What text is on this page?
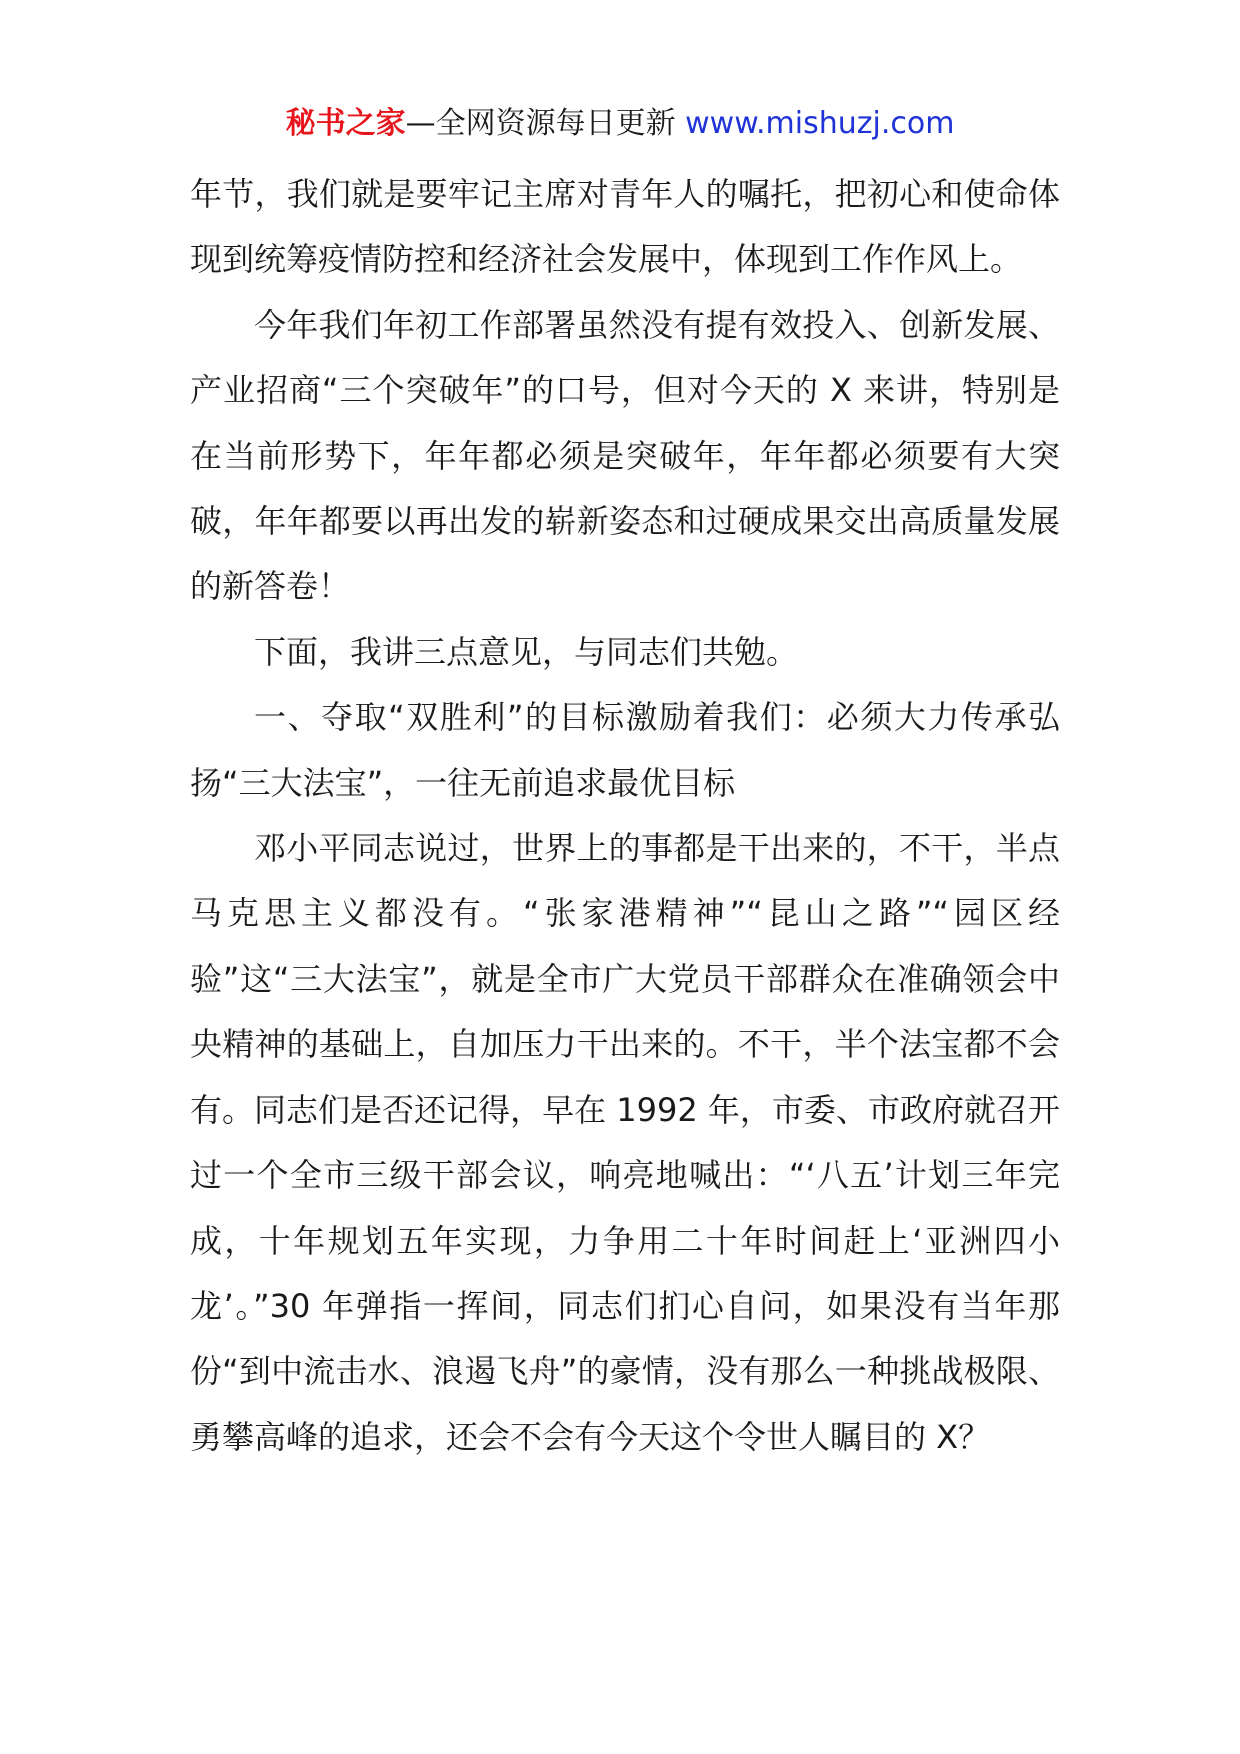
秘书之家—全网资源每日更新 www.mishuzj.com

年节，我们就是要牢记主席对青年人的嘱托，把初心和使命体现到统筹疫情防控和经济社会发展中，体现到工作作风上。

今年我们年初工作部署虽然没有提有效投入、创新发展、产业招商“三个突破年”的口号，但对今天的 X 来讲，特别是在当前形势下，年年都必须是突破年，年年都必须要有大突破，年年都要以再出发的崭新姿态和过硬成果交出高质量发展的新答卷！

下面，我讲三点意见，与同志们共勉。

一、夺取“双胜利”的目标激励着我们：必须大力传承弘扬“三大法宝”，一往无前追求最优目标

邓小平同志说过，世界上的事都是干出来的，不干，半点马克思主义都没有。“张家港精神”“昆山之路”“园区经验”这“三大法宝”，就是全市广大党员干部群众在准确领会中央精神的基础上，自加压力干出来的。不干，半个法宝都不会有。同志们是否还记得，早在 1992 年，市委、市政府就召开过一个全市三级干部会议，响亮地喊出：“‘八五’计划三年完成，十年规划五年实现，力争用二十年时间赶上‘亚洲四小龙’。”30 年弹指一挥间，同志们扪心自问，如果没有当年那份“到中流击水、浪遏飞舟”的豪情，没有那么一种挑战极限、勇攀高峰的追求，还会不会有今天这个令世人瞩目的 X？
